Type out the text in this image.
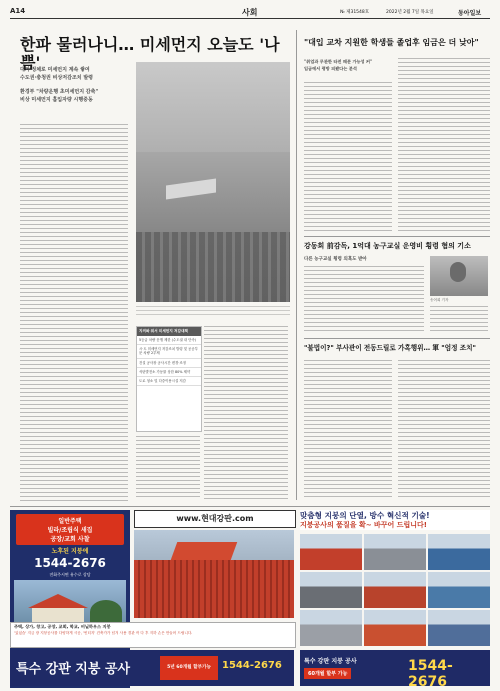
A14	사회	№ 제31548호	2022년 2월 7일 목요일	동아일보
한파 물러나니… 미세먼지 오늘도 '나쁨'
대기 정체로 미세먼지 계속 쌓여
수도권·충청권 비상저감조치 발령
환경부 "차량운행 초미세먼지 감축"
비상 미세먼지 흡입자량 시행중동
지켜봐 줘서 미세먼지 저감대책
5등급 차량 운행 제한 (수도권 내 단속)
시·도 미세먼지 저감조치 발령 및 공공부문 차량 2부제
건설 공사장 공사시간 변경·조정
석탄발전소 가동률 상한 80% 제약
도로 청소 및 다중이용시설 저감
"대입 교차 지원한 학생들 졸업후 임금은 더 낮아"
"취업과 무관한 타전 때문 가능성 커"
입금에서 평방 피봤다는 분석
강동희 前감독, 1억대 농구교실 운영비 횡령 혐의 기소
다른 농구교실 횡령 의혹도 받아
송어희 기자
"불법이?" 부사관이 전동드릴로 가혹행위… 軍 "엄정 조치"
일반주택
빌라/조립식 새집
공장/교회 사찰
노후된 지붕에
1544-2676
전화주시면 유수로 상담
www.현대강판.com
주택, 상가, 창고, 공장, 교회, 학교, 비닐하우스 지붕
'있었습' 지금 장 지붕공사를 다양하게 시공, '빈티지' 건축가가 넘겨 사용 경관 작 다 후 지하 손은 만들어 드립니다.
특수 강판 지붕 공사	5년 60개월 할부가능	1544-2676
맞춤형 지붕의 단열, 방수 혁신적 기술!
지붕공사의 품질을 확~ 바꾸어 드립니다!
특수 강판 지붕 공사
60개월 할부 가능	1544-2676
